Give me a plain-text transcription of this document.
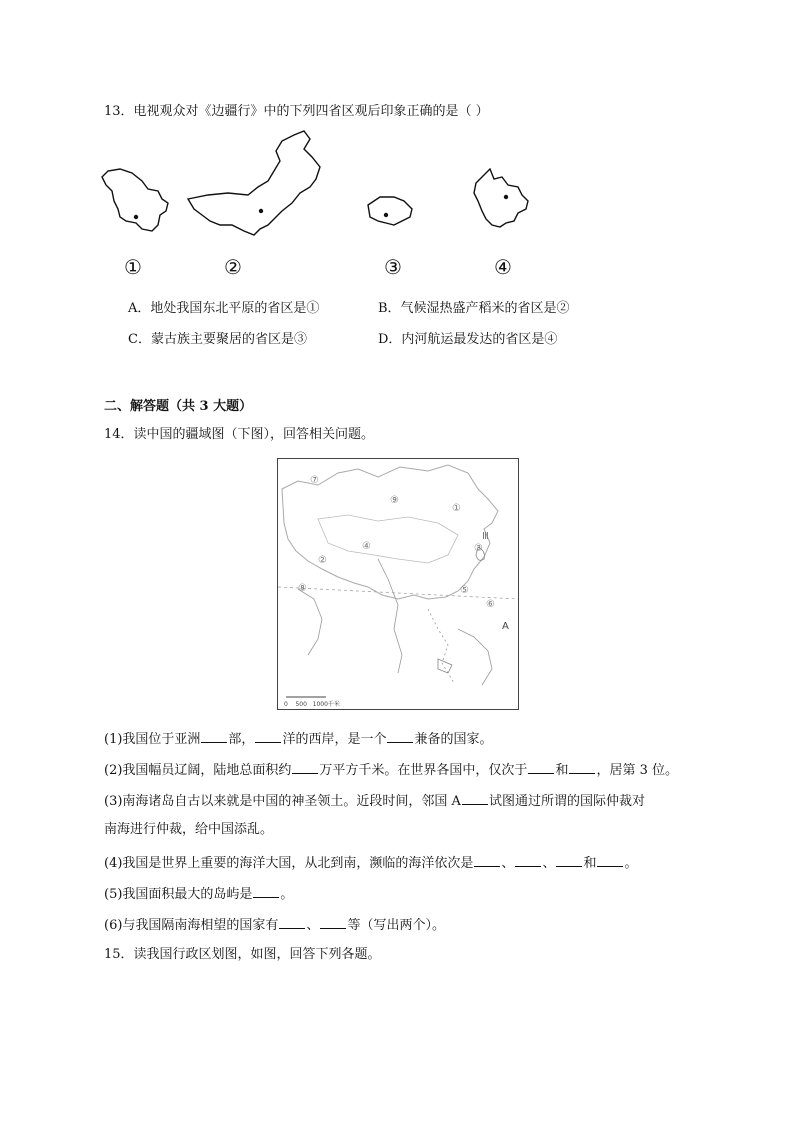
13．电视观众对《边疆行》中的下列四省区观后印象正确的是（ ）
①	②	③	④
A．地处我国东北平原的省区是①	B．气候湿热盛产稻米的省区是②
C．蒙古族主要聚居的省区是③	D．内河航运最发达的省区是④
二、解答题（共 3 大题）
14．读中国的疆域图（下图），回答相关问题。
⑦
⑨
①
Ⅲ
④
②
③
⑧	⑤
⑥
A
0    500   1000千米
(1)我国位于亚洲 部， 洋的西岸，是一个 兼备的国家。
(2)我国幅员辽阔，陆地总面积约 万平方千米。在世界各国中，仅次于 和 ，居第 3 位。
(3)南海诸岛自古以来就是中国的神圣领土。近段时间，邻国 A 试图通过所谓的国际仲裁对
南海进行仲裁，给中国添乱。
(4)我国是世界上重要的海洋大国，从北到南，濒临的海洋依次是 、 、 和 。
(5)我国面积最大的岛屿是 。
(6)与我国隔南海相望的国家有 、 等（写出两个）。
15．读我国行政区划图，如图，回答下列各题。
